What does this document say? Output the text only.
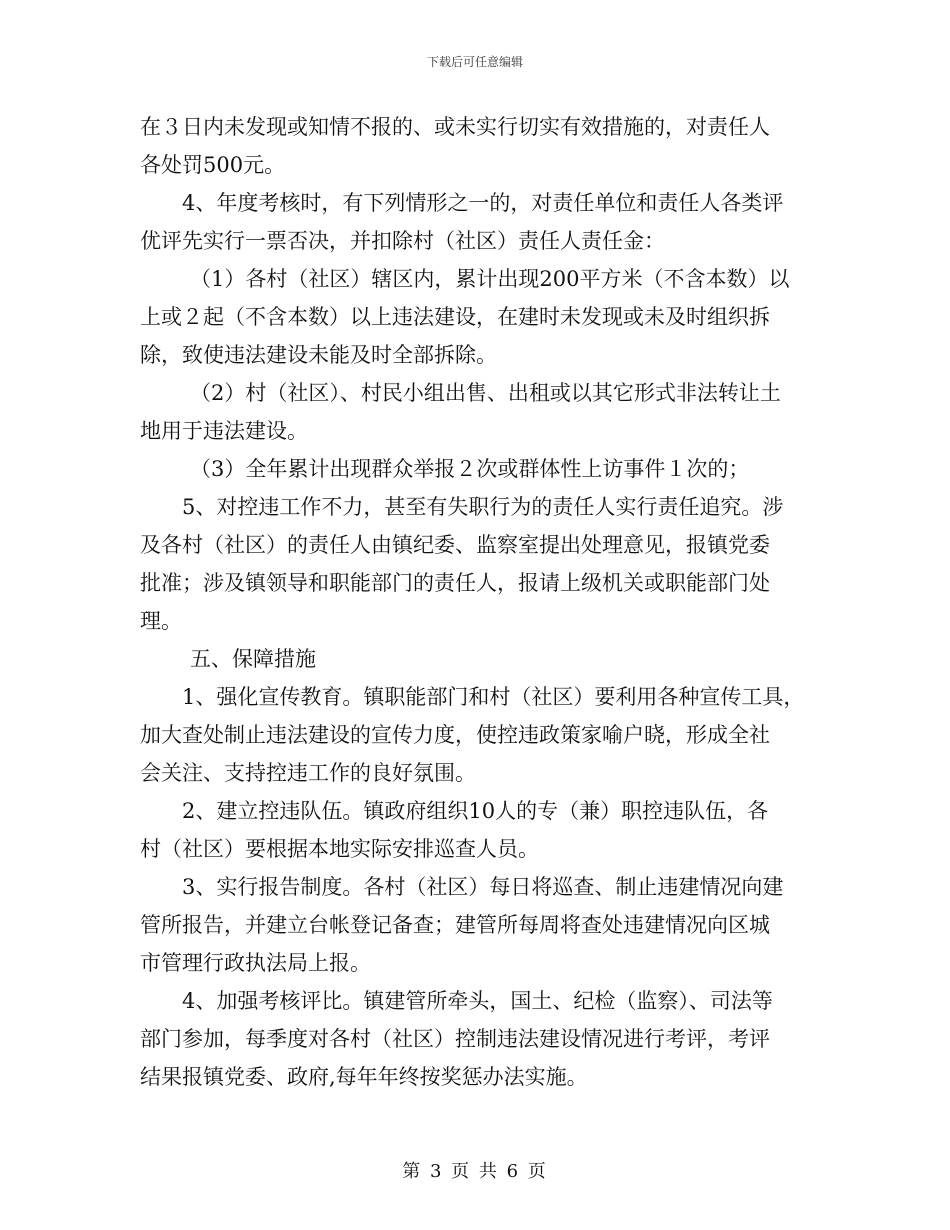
下载后可任意编辑
在３日内未发现或知情不报的、或未实行切实有效措施的，对责任人
各处罚500元。
4、年度考核时，有下列情形之一的，对责任单位和责任人各类评
优评先实行一票否决，并扣除村（社区）责任人责任金：
（1）各村（社区）辖区内，累计出现200平方米（不含本数）以
上或２起（不含本数）以上违法建设，在建时未发现或未及时组织拆
除，致使违法建设未能及时全部拆除。
（2）村（社区）、村民小组出售、出租或以其它形式非法转让土
地用于违法建设。
（3）全年累计出现群众举报２次或群体性上访事件１次的；
5、对控违工作不力，甚至有失职行为的责任人实行责任追究。涉
及各村（社区）的责任人由镇纪委、监察室提出处理意见，报镇党委
批准；涉及镇领导和职能部门的责任人，报请上级机关或职能部门处
理。
五、保障措施
1、强化宣传教育。镇职能部门和村（社区）要利用各种宣传工具，
加大查处制止违法建设的宣传力度，使控违政策家喻户晓，形成全社
会关注、支持控违工作的良好氛围。
2、建立控违队伍。镇政府组织10人的专（兼）职控违队伍，各
村（社区）要根据本地实际安排巡查人员。
3、实行报告制度。各村（社区）每日将巡查、制止违建情况向建
管所报告，并建立台帐登记备查；建管所每周将查处违建情况向区城
市管理行政执法局上报。
4、加强考核评比。镇建管所牵头，国土、纪检（监察）、司法等
部门参加，每季度对各村（社区）控制违法建设情况进行考评，考评
结果报镇党委、政府,每年年终按奖惩办法实施。
第 3 页 共 6 页
